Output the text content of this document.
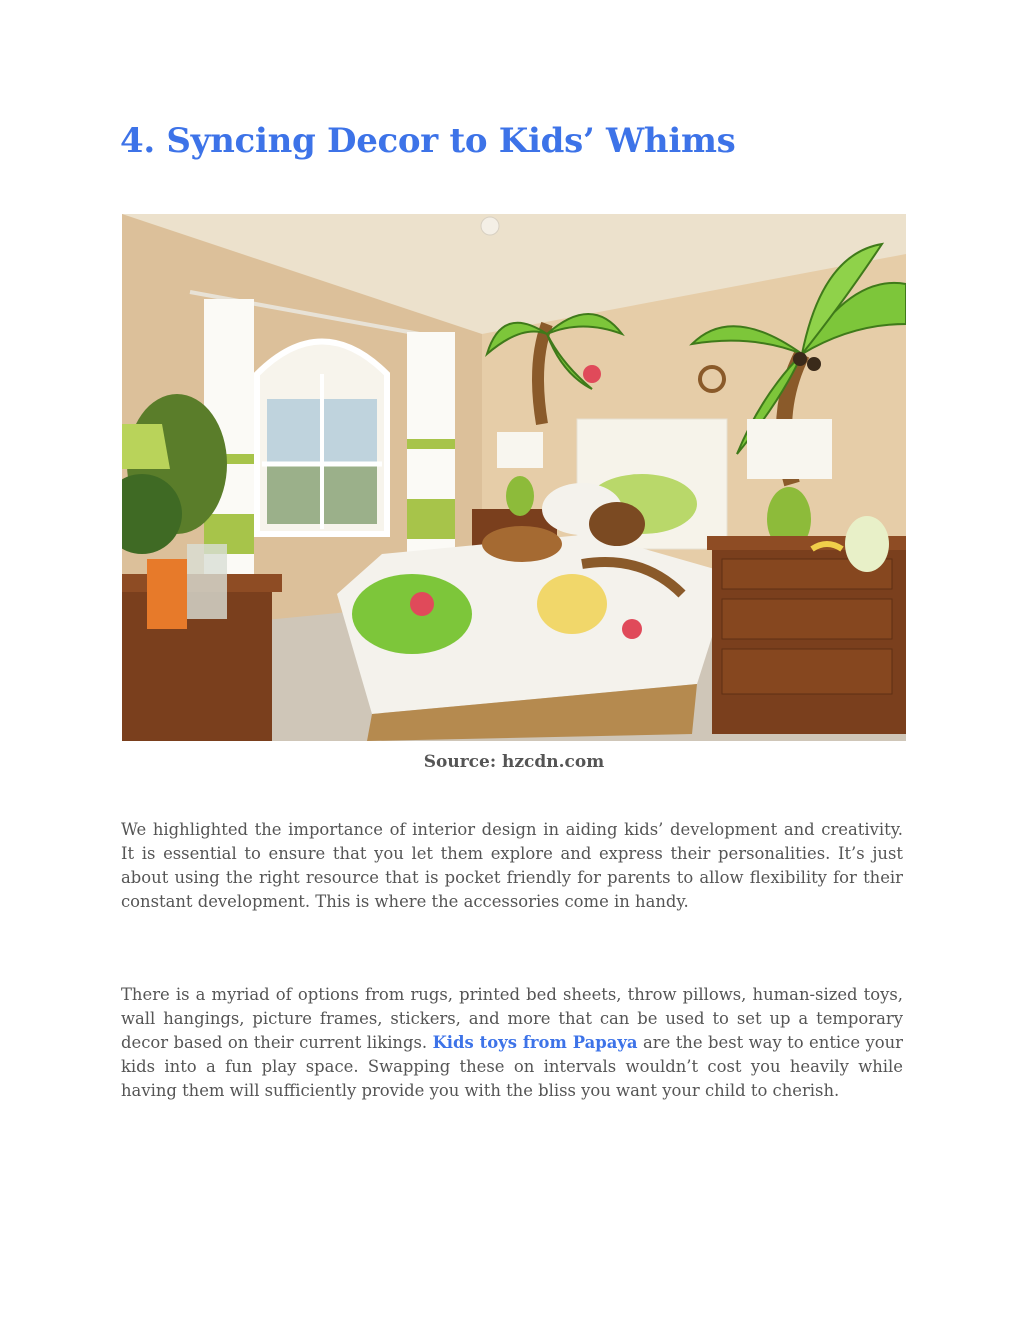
4. Syncing Decor to Kids’ Whims
Source: hzcdn.com

We highlighted the importance of interior design in aiding kids’ development and creativity. It is essential to ensure that you let them explore and express their personalities. It’s just about using the right resource that is pocket friendly for parents to allow flexibility for their constant development. This is where the accessories come in handy.

There is a myriad of options from rugs, printed bed sheets, throw pillows, human-sized toys, wall hangings, picture frames, stickers, and more that can be used to set up a temporary decor based on their current likings. Kids toys from Papaya are the best way to entice your kids into a fun play space. Swapping these on intervals wouldn’t cost you heavily while having them will sufficiently provide you with the bliss you want your child to cherish.
